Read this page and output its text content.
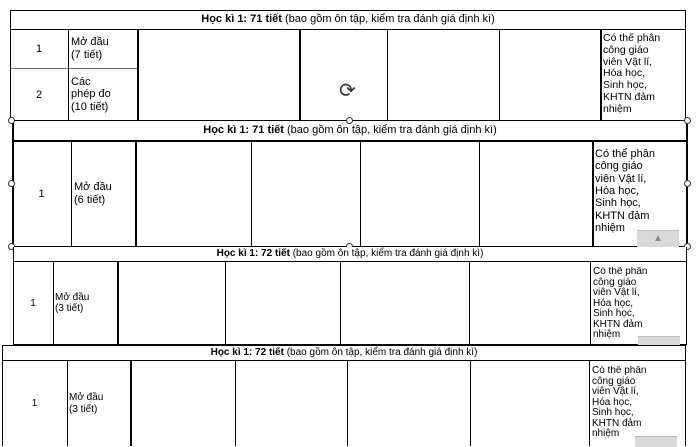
Học kì 1: 71 tiết (bao gồm ôn tập, kiểm tra đánh giá định kì)
1
Mở đầu
(7 tiết)
2
Các
phép đo
(10 tiết)
Có thể phân
công giáo
viên Vật lí,
Hóa học,
Sinh học,
KHTN đảm
nhiệm
⟳
Học kì 1: 71 tiết (bao gồm ôn tập, kiểm tra đánh giá định kì)
1
Mở đầu
(6 tiết)
Có thể phân
công giáo
viên Vật lí,
Hóa học,
Sinh học,
KHTN đảm
nhiệm
▲
Học kì 1: 72 tiết (bao gồm ôn tập, kiểm tra đánh giá định kì)
1
Mở đầu
(3 tiết)
Có thể phân
công giáo
viên Vật lí,
Hóa học,
Sinh học,
KHTN đảm
nhiệm
Học kì 1: 72 tiết (bao gồm ôn tập, kiểm tra đánh giá định kì)
1
Mở đầu
(3 tiết)
Có thể phân
công giáo
viên Vật lí,
Hóa học,
Sinh học,
KHTN đảm
nhiệm
